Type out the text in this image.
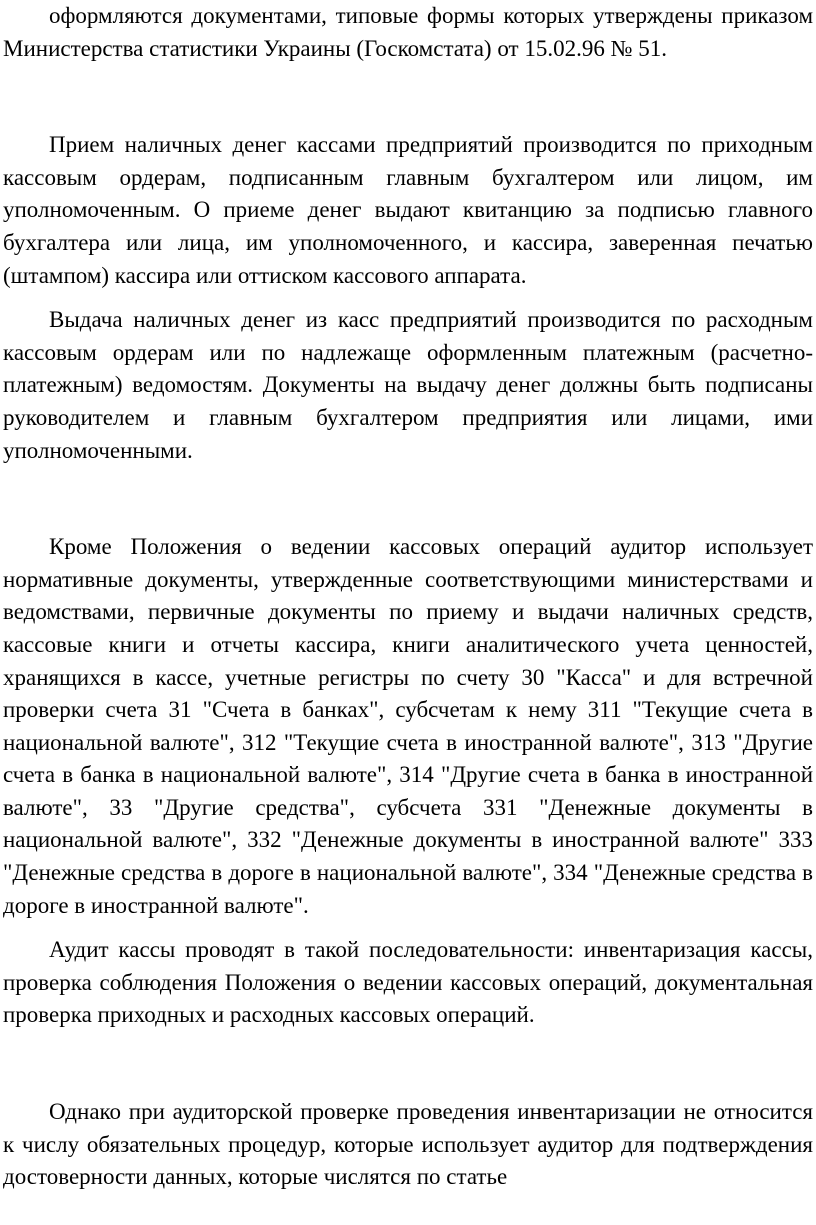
оформляются документами, типовые формы которых утверждены приказом Министерства статистики Украины (Госкомстата) от 15.02.96 № 51.

Прием наличных денег кассами предприятий производится по приходным кассовым ордерам, подписанным главным бухгалтером или лицом, им уполномоченным. О приеме денег выдают квитанцию за подписью главного бухгалтера или лица, им уполномоченного, и кассира, заверенная печатью (штампом) кассира или оттиском кассового аппарата.

Выдача наличных денег из касс предприятий производится по расходным кассовым ордерам или по надлежаще оформленным платежным (расчетно-платежным) ведомостям. Документы на выдачу денег должны быть подписаны руководителем и главным бухгалтером предприятия или лицами, ими уполномоченными.

Кроме Положения о ведении кассовых операций аудитор использует нормативные документы, утвержденные соответствующими министерствами и ведомствами, первичные документы по приему и выдачи наличных средств, кассовые книги и отчеты кассира, книги аналитического учета ценностей, хранящихся в кассе, учетные регистры по счету 30 "Касса" и для встречной проверки счета 31 "Счета в банках", субсчетам к нему 311 "Текущие счета в национальной валюте", 312 "Текущие счета в иностранной валюте", 313 "Другие счета в банка в национальной валюте", 314 "Другие счета в банка в иностранной валюте", 33 "Другие средства", субсчета 331 "Денежные документы в национальной валюте", 332 "Денежные документы в иностранной валюте" 333 "Денежные средства в дороге в национальной валюте", 334 "Денежные средства в дороге в иностранной валюте".

Аудит кассы проводят в такой последовательности: инвентаризация кассы, проверка соблюдения Положения о ведении кассовых операций, документальная проверка приходных и расходных кассовых операций.

Однако при аудиторской проверке проведения инвентаризации не относится к числу обязательных процедур, которые использует аудитор для подтверждения достоверности данных, которые числятся по статье
